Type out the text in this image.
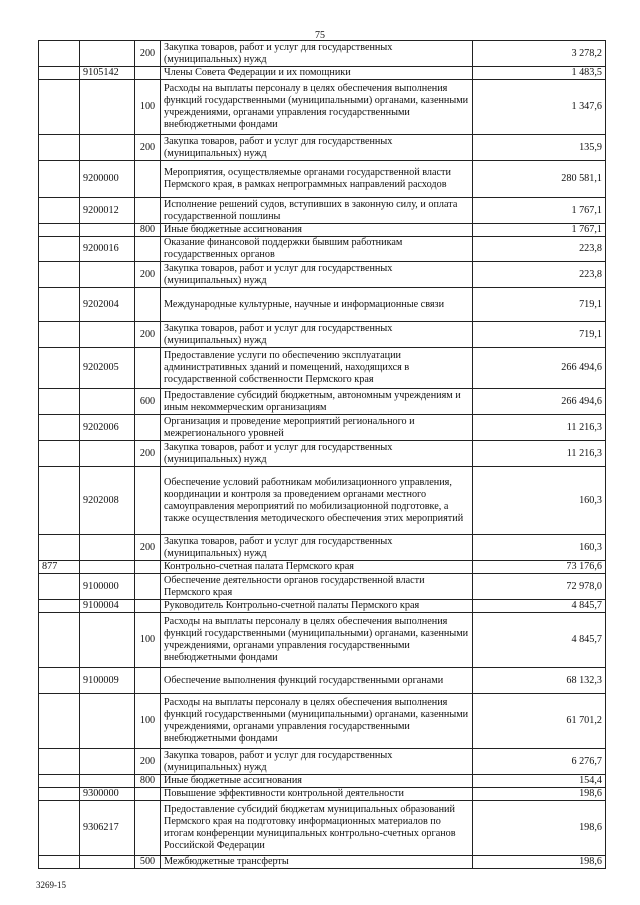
75
		200	Закупка товаров, работ и услуг для государственных (муниципальных) нужд	3 278,2
	9105142		Члены Совета Федерации и их помощники	1 483,5
		100	Расходы на выплаты персоналу в целях обеспечения выполнения функций государственными (муниципальными) органами, казенными учреждениями, органами управления государственными внебюджетными фондами	1 347,6
		200	Закупка товаров, работ и услуг для государственных (муниципальных) нужд	135,9
	9200000		Мероприятия, осуществляемые органами государственной власти Пермского края, в рамках непрограммных направлений расходов	280 581,1
	9200012		Исполнение решений судов, вступивших в законную силу, и оплата государственной пошлины	1 767,1
		800	Иные бюджетные ассигнования	1 767,1
	9200016		Оказание финансовой поддержки бывшим работникам государственных органов	223,8
		200	Закупка товаров, работ и услуг для государственных (муниципальных) нужд	223,8
	9202004		Международные культурные, научные и информационные связи	719,1
		200	Закупка товаров, работ и услуг для государственных (муниципальных) нужд	719,1
	9202005		Предоставление услуги по обеспечению эксплуатации административных зданий и помещений, находящихся в государственной собственности Пермского края	266 494,6
		600	Предоставление субсидий бюджетным, автономным учреждениям и иным некоммерческим организациям	266 494,6
	9202006		Организация и проведение мероприятий регионального и межрегионального уровней	11 216,3
		200	Закупка товаров, работ и услуг для государственных (муниципальных) нужд	11 216,3
	9202008		Обеспечение условий работникам мобилизационного управления, координации и контроля за проведением органами местного самоуправления мероприятий по мобилизационной подготовке, а также осуществления методического обеспечения этих мероприятий	160,3
		200	Закупка товаров, работ и услуг для государственных (муниципальных) нужд	160,3
877			Контрольно-счетная палата Пермского края	73 176,6
	9100000		Обеспечение деятельности органов государственной власти Пермского края	72 978,0
	9100004		Руководитель Контрольно-счетной палаты Пермского края	4 845,7
		100	Расходы на выплаты персоналу в целях обеспечения выполнения функций государственными (муниципальными) органами, казенными учреждениями, органами управления государственными внебюджетными фондами	4 845,7
	9100009		Обеспечение выполнения функций государственными органами	68 132,3
		100	Расходы на выплаты персоналу в целях обеспечения выполнения функций государственными (муниципальными) органами, казенными учреждениями, органами управления государственными внебюджетными фондами	61 701,2
		200	Закупка товаров, работ и услуг для государственных (муниципальных) нужд	6 276,7
		800	Иные бюджетные ассигнования	154,4
	9300000		Повышение эффективности контрольной деятельности	198,6
	9306217		Предоставление субсидий бюджетам муниципальных образований Пермского края на подготовку информационных материалов по итогам конференции муниципальных контрольно-счетных органов Российской Федерации	198,6
		500	Межбюджетные трансферты	198,6
3269-15
